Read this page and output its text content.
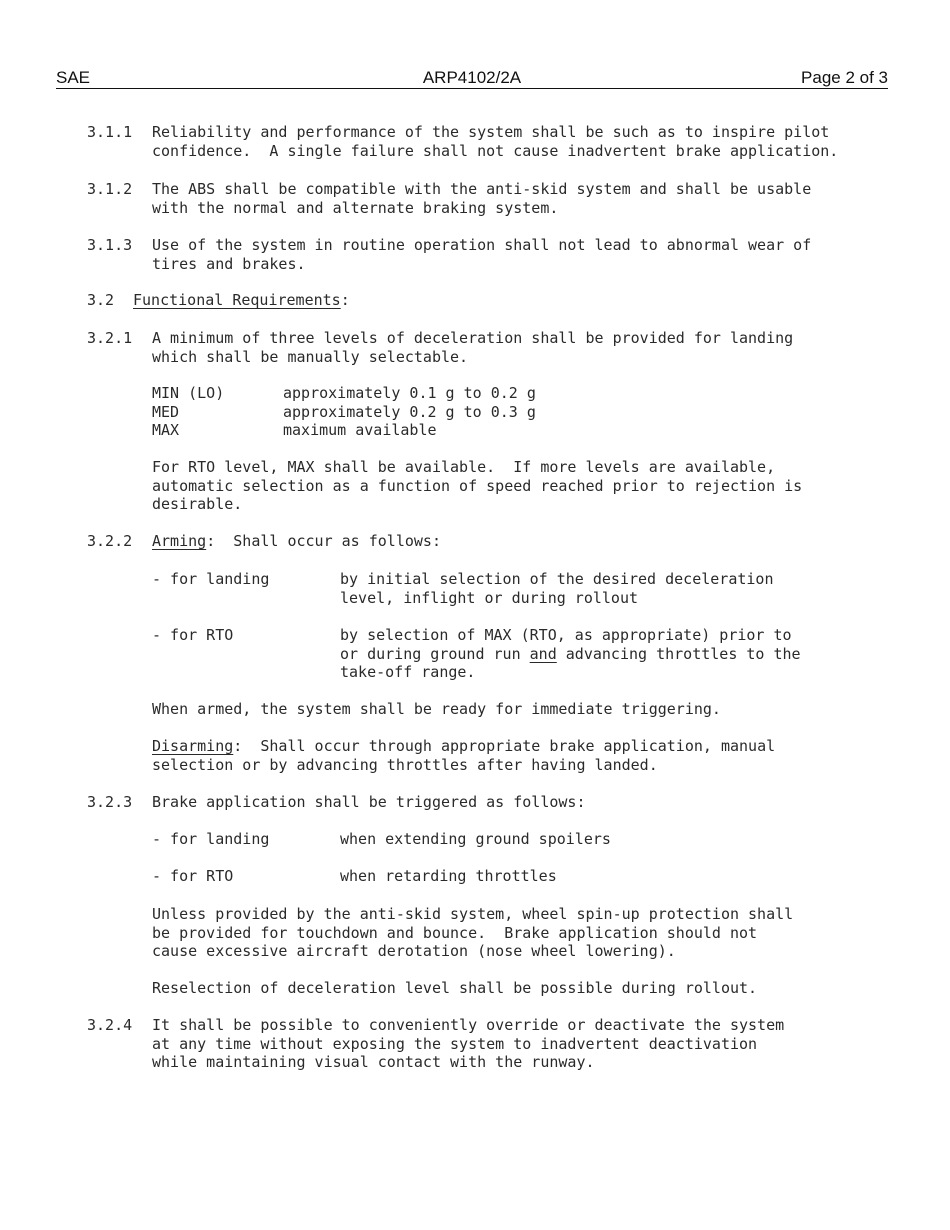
SAE	ARP4102/2A	Page 2 of 3
3.1.1 Reliability and performance of the system shall be such as to inspire pilot
confidence.  A single failure shall not cause inadvertent brake application.
3.1.2 The ABS shall be compatible with the anti-skid system and shall be usable
with the normal and alternate braking system.
3.1.3 Use of the system in routine operation shall not lead to abnormal wear of
tires and brakes.
3.2 Functional Requirements:
3.2.1 A minimum of three levels of deceleration shall be provided for landing
which shall be manually selectable.
MIN (LO)	approximately 0.1 g to 0.2 g
MED	approximately 0.2 g to 0.3 g
MAX	maximum available
For RTO level, MAX shall be available.  If more levels are available,
automatic selection as a function of speed reached prior to rejection is
desirable.
3.2.2 Arming:  Shall occur as follows:
- for landing	by initial selection of the desired deceleration
level, inflight or during rollout
- for RTO	by selection of MAX (RTO, as appropriate) prior to
or during ground run and advancing throttles to the
take-off range.
When armed, the system shall be ready for immediate triggering.
Disarming:  Shall occur through appropriate brake application, manual
selection or by advancing throttles after having landed.
3.2.3 Brake application shall be triggered as follows:
- for landing	when extending ground spoilers
- for RTO	when retarding throttles
Unless provided by the anti-skid system, wheel spin-up protection shall
be provided for touchdown and bounce.  Brake application should not
cause excessive aircraft derotation (nose wheel lowering).
Reselection of deceleration level shall be possible during rollout.
3.2.4 It shall be possible to conveniently override or deactivate the system
at any time without exposing the system to inadvertent deactivation
while maintaining visual contact with the runway.
